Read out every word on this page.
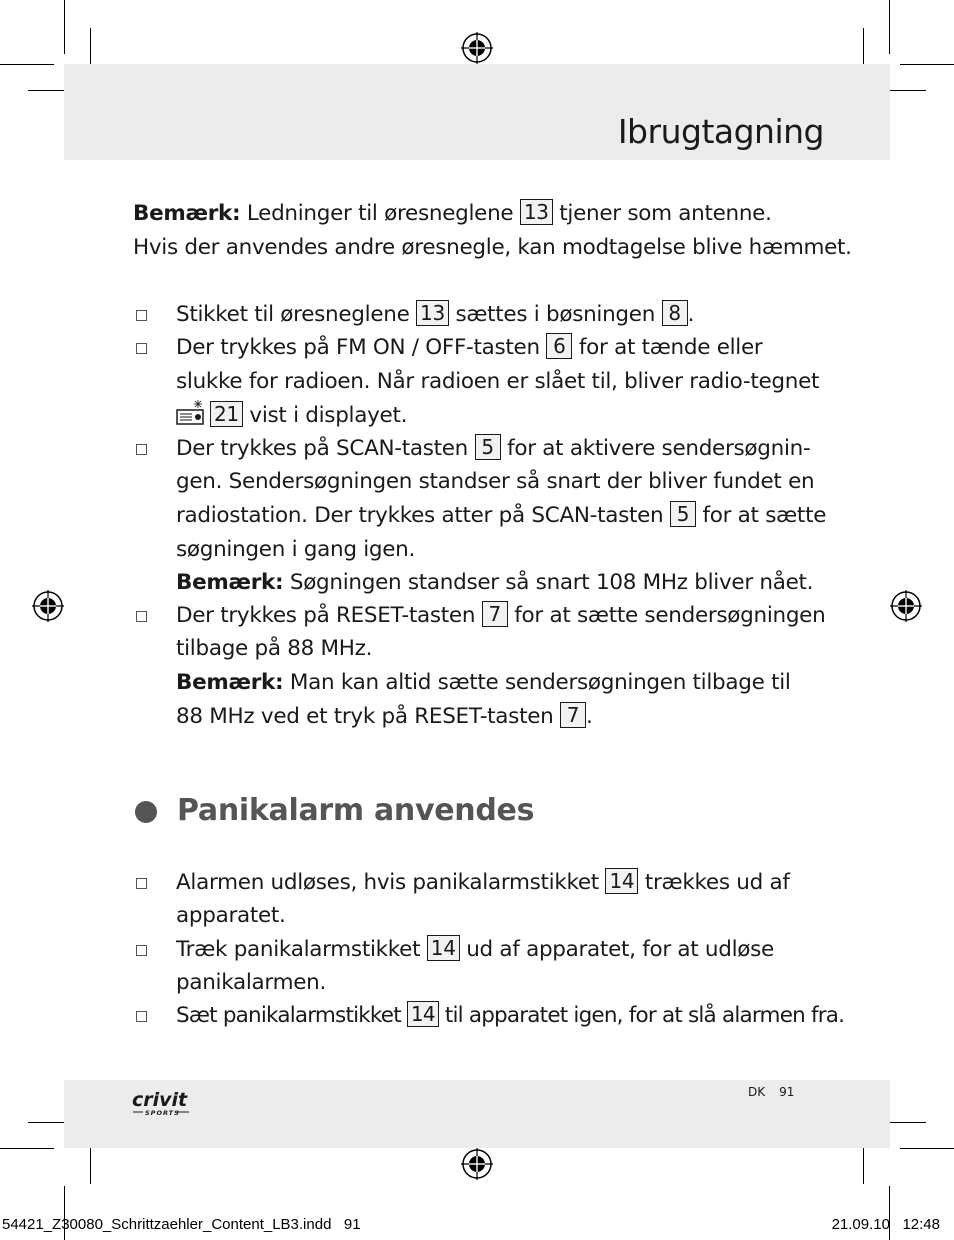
Ibrugtagning
Bemærk: Ledninger til øresneglene 13 tjener som antenne.
Hvis der anvendes andre øresnegle, kan modtagelse blive hæmmet.
Stikket til øresneglene 13 sættes i bøsningen 8 .
Der trykkes på FM ON / OFF-tasten 6 for at tænde eller
slukke for radioen. Når radioen er slået til, bliver radio-tegnet
21 vist i displayet.
Der trykkes på SCAN-tasten 5 for at aktivere sendersøgnin-
gen. Sendersøgningen standser så snart der bliver fundet en
radiostation. Der trykkes atter på SCAN-tasten 5 for at sætte
søgningen i gang igen.
Bemærk: Søgningen standser så snart 108 MHz bliver nået.
Der trykkes på RESET-tasten 7 for at sætte sendersøgningen
tilbage på 88 MHz.
Bemærk: Man kan altid sætte sendersøgningen tilbage til
88 MHz ved et tryk på RESET-tasten 7 .
Panikalarm anvendes
Alarmen udløses, hvis panikalarmstikket 14 trækkes ud af
apparatet.
Træk panikalarmstikket 14 ud af apparatet, for at udløse
panikalarmen.
Sæt panikalarmstikket 14 til apparatet igen, for at slå alarmen fra.
crivit
SPORTS
DK 91
54421_Z30080_Schrittzaehler_Content_LB3.indd   91	21.09.10   12:48
